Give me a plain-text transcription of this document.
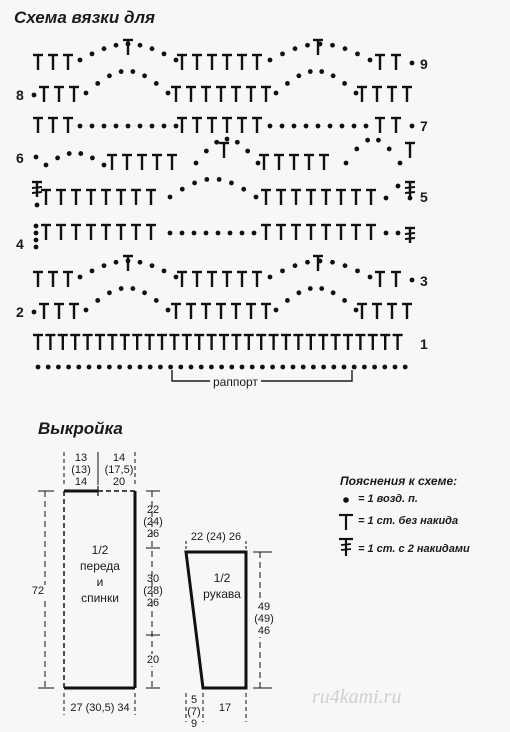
Схема вязки для
1
2
3
4
5
6
7
8
9
раппорт
Выкройка
13
(13)
14
14
(17,5)
20
1/2
переда
и
спинки
22
(24)
26
30
(28)
26
20
72
27 (30,5) 34
22 (24) 26
1/2
рукава
49
(49)
46
5
(7)
9
17
Пояснения к схеме:
= 1 возд. п.
= 1 ст. без накида
= 1 ст. с 2 накидами
ru4kami.ru
